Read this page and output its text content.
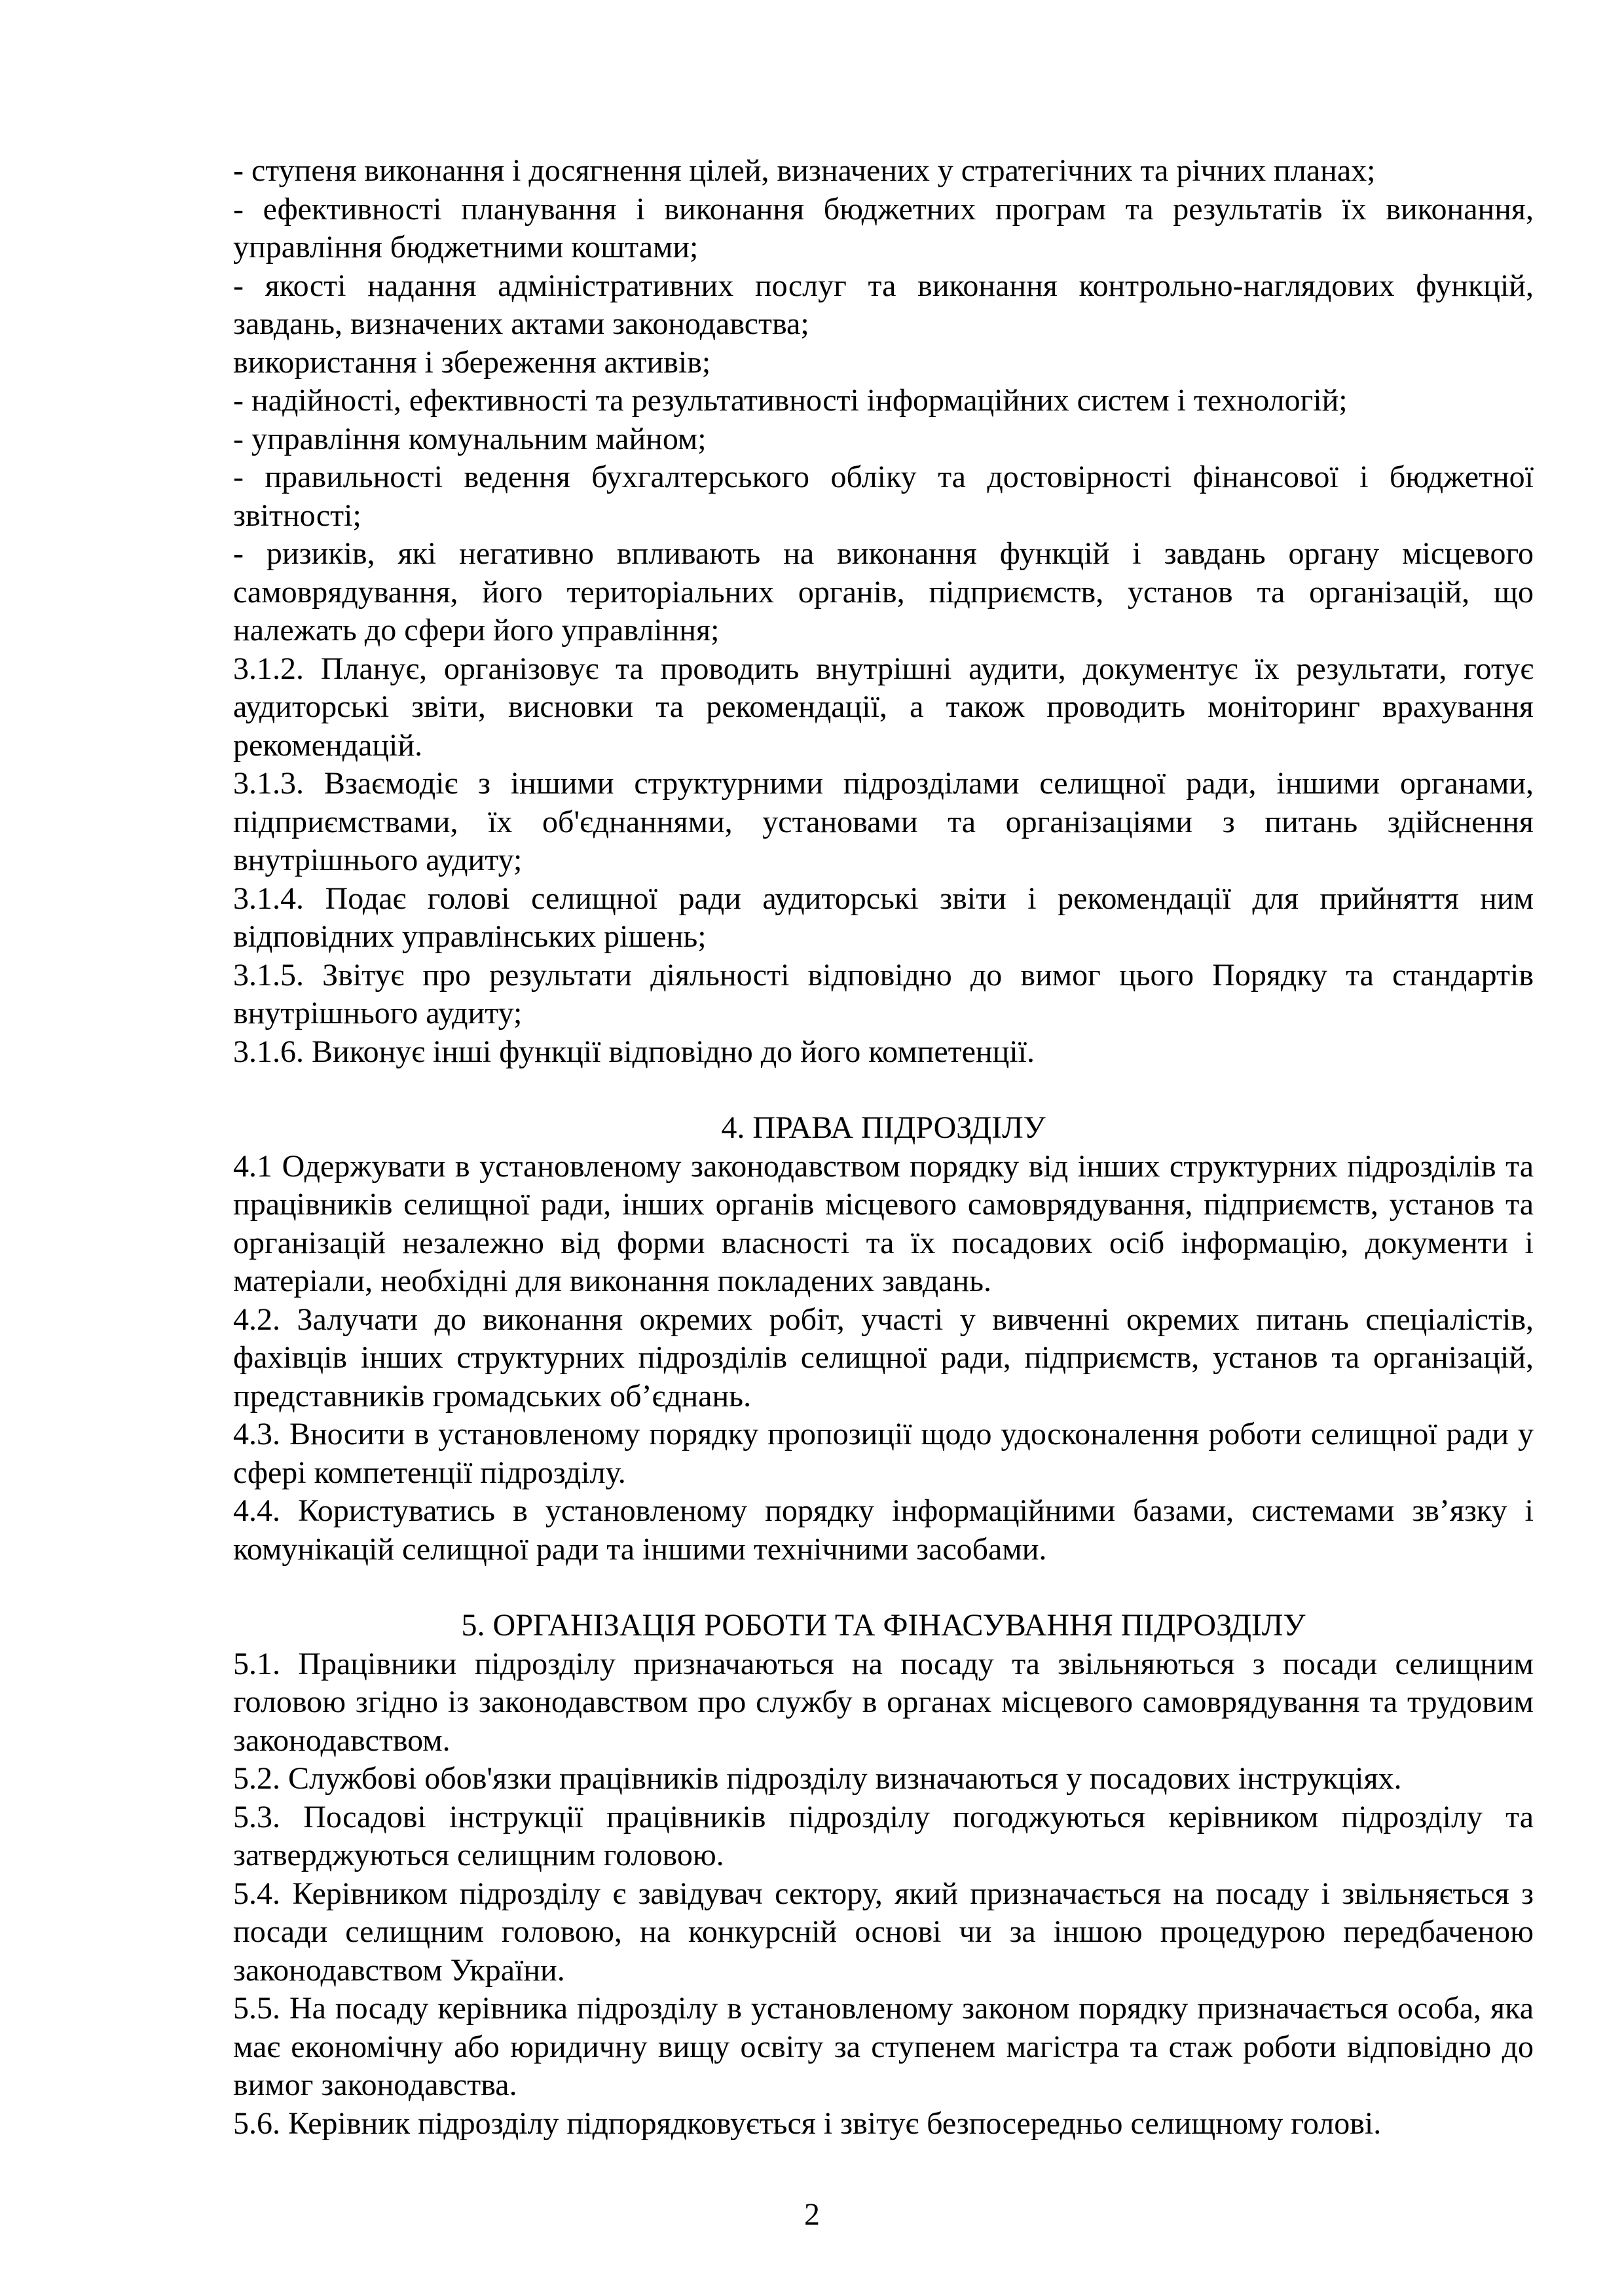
- ступеня виконання і досягнення цілей, визначених у стратегічних та річних планах;

- ефективності планування і виконання бюджетних програм та результатів їх виконання, управління бюджетними коштами;

- якості надання адміністративних послуг та виконання контрольно-наглядових функцій, завдань, визначених актами законодавства;

використання і збереження активів;

- надійності, ефективності та результативності інформаційних систем і технологій;

- управління комунальним майном;

- правильності ведення бухгалтерського обліку та достовірності фінансової і бюджетної звітності;

- ризиків, які негативно впливають на виконання функцій і завдань органу місцевого самоврядування, його територіальних органів, підприємств, установ та організацій, що належать до сфери його управління;

3.1.2. Планує, організовує та проводить внутрішні аудити, документує їх результати, готує аудиторські звіти, висновки та рекомендації, а також проводить моніторинг врахування рекомендацій.

3.1.3. Взаємодіє з іншими структурними підрозділами селищної ради, іншими органами, підприємствами, їх об'єднаннями, установами та організаціями з питань здійснення внутрішнього аудиту;

3.1.4. Подає голові селищної ради аудиторські звіти і рекомендації для прийняття ним відповідних управлінських рішень;

3.1.5. Звітує про результати діяльності відповідно до вимог цього Порядку та стандартів внутрішнього аудиту;

3.1.6. Виконує інші функції відповідно до його компетенції.

4. ПРАВА ПІДРОЗДІЛУ

4.1 Одержувати в установленому законодавством порядку від інших структурних підрозділів та працівників селищної ради, інших органів місцевого самоврядування, підприємств, установ та організацій незалежно від форми власності та їх посадових осіб інформацію, документи і матеріали, необхідні для виконання покладених завдань.

4.2. Залучати до виконання окремих робіт, участі у вивченні окремих питань спеціалістів, фахівців інших структурних підрозділів селищної ради, підприємств, установ та організацій, представників громадських об’єднань.

4.3. Вносити в установленому порядку пропозиції щодо удосконалення роботи селищної ради у сфері компетенції підрозділу.

4.4. Користуватись в установленому порядку інформаційними базами, системами зв’язку і комунікацій селищної ради та іншими технічними засобами.

5. ОРГАНІЗАЦІЯ РОБОТИ ТА ФІНАСУВАННЯ ПІДРОЗДІЛУ

5.1. Працівники підрозділу призначаються на посаду та звільняються з посади селищним головою згідно із законодавством про службу в органах місцевого самоврядування та трудовим законодавством.

5.2. Службові обов'язки працівників підрозділу визначаються у посадових інструкціях.

5.3. Посадові інструкції працівників підрозділу погоджуються керівником підрозділу та затверджуються селищним головою.

5.4. Керівником підрозділу є завідувач сектору, який призначається на посаду і звільняється з посади селищним головою, на конкурсній основі чи за іншою процедурою передбаченою законодавством України.

5.5. На посаду керівника підрозділу в установленому законом порядку призначається особа, яка має економічну або юридичну вищу освіту за ступенем магістра та стаж роботи відповідно до вимог законодавства.

5.6. Керівник підрозділу підпорядковується і звітує безпосередньо селищному голові.

2
